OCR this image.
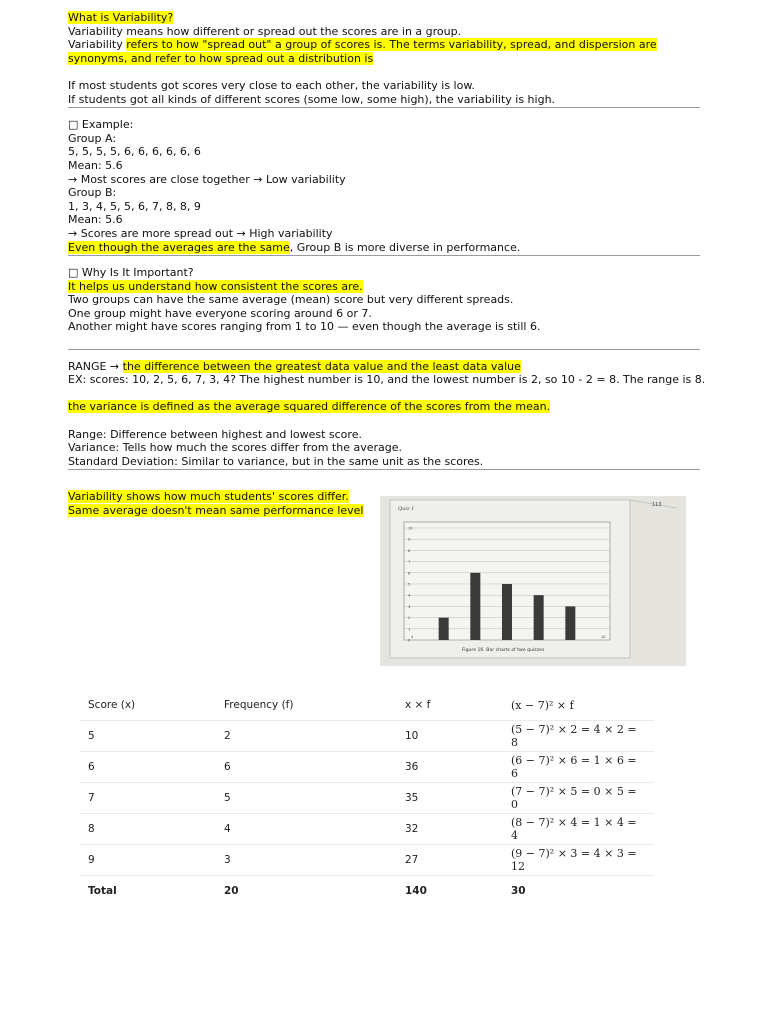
What is Variability?
Variability means how different or spread out the scores are in a group.
Variability refers to how "spread out" a group of scores is. The terms variability, spread, and dispersion are
synonyms, and refer to how spread out a distribution is
If most students got scores very close to each other, the variability is low.
If students got all kinds of different scores (some low, some high), the variability is high.
□ Example:
Group A:
5, 5, 5, 5, 6, 6, 6, 6, 6, 6
Mean: 5.6
→ Most scores are close together → Low variability
Group B:
1, 3, 4, 5, 5, 6, 7, 8, 8, 9
Mean: 5.6
→ Scores are more spread out → High variability
Even though the averages are the same, Group B is more diverse in performance.
□ Why Is It Important?
It helps us understand how consistent the scores are.
Two groups can have the same average (mean) score but very different spreads.
One group might have everyone scoring around 6 or 7.
Another might have scores ranging from 1 to 10 — even though the average is still 6.
RANGE → the difference between the greatest data value and the least data value
EX: scores: 10, 2, 5, 6, 7, 3, 4? The highest number is 10, and the lowest number is 2, so 10 - 2 = 8. The range is 8.
the variance is defined as the average squared difference of the scores from the mean.
Range: Difference between highest and lowest score.
Variance: Tells how much the scores differ from the average.
Standard Deviation: Similar to variance, but in the same unit as the scores.
Variability shows how much students' scores differ.
Same average doesn't mean same performance level	113
Quiz 1
10
9
8
7
6
5
4
3
2
1
0
4	10
Figure 16. Bar charts of two quizzes
Score (x)	Frequency (f)	x × f	(x − 7)² × f
5	2	10	(5 − 7)² × 2 = 4 × 2 = 8
6	6	36	(6 − 7)² × 6 = 1 × 6 = 6
7	5	35	(7 − 7)² × 5 = 0 × 5 = 0
8	4	32	(8 − 7)² × 4 = 1 × 4 = 4
9	3	27	(9 − 7)² × 3 = 4 × 3 = 12
Total	20	140	30
